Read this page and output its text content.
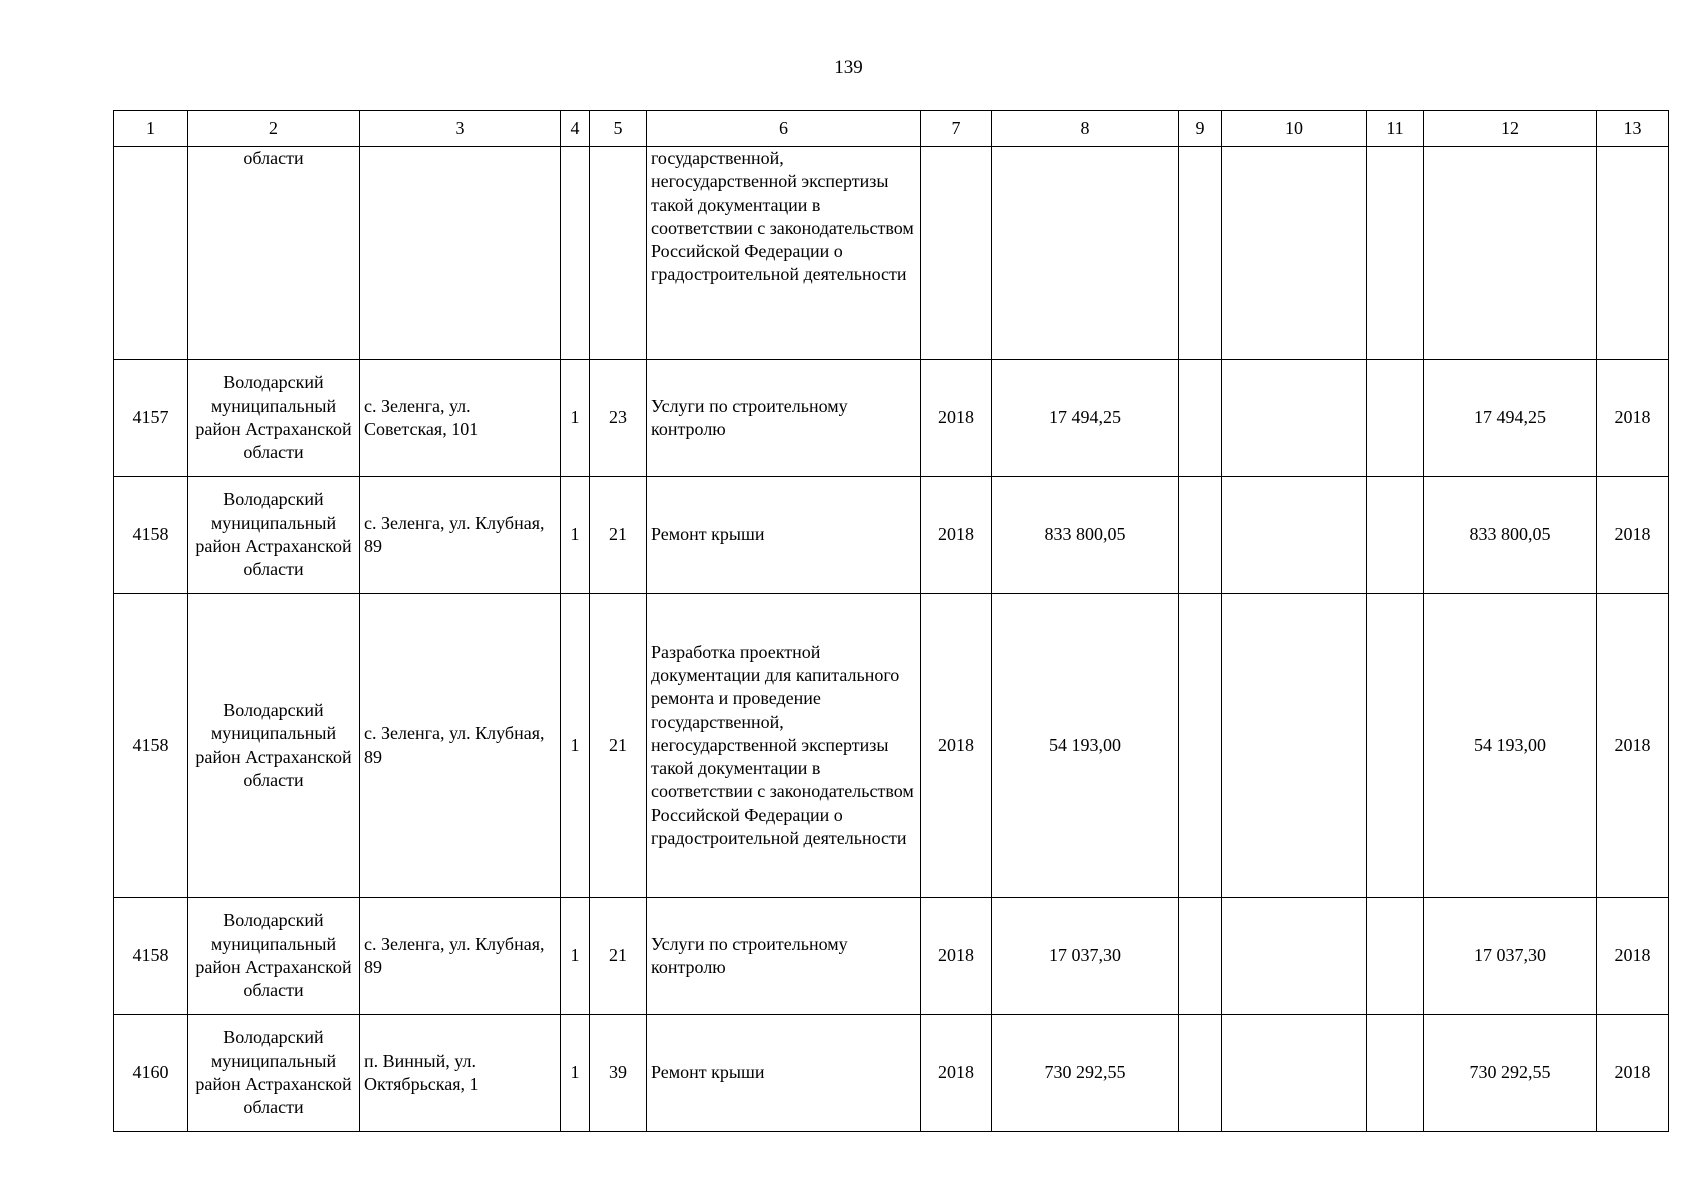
139
1	2	3	4	5	6	7	8	9	10	11	12	13
	области				государственной, негосударственной экспертизы такой документации в соответствии с законодательством Российской Федерации о градостроительной деятельности							
4157	Володарский муниципальный район Астраханской области	с. Зеленга, ул. Советская, 101	1	23	Услуги по строительному контролю	2018	17 494,25				17 494,25	2018
4158	Володарский муниципальный район Астраханской области	с. Зеленга, ул. Клубная, 89	1	21	Ремонт крыши	2018	833 800,05				833 800,05	2018
4158	Володарский муниципальный район Астраханской области	с. Зеленга, ул. Клубная, 89	1	21	Разработка проектной документации для капитального ремонта и проведение государственной, негосударственной экспертизы такой документации в соответствии с законодательством Российской Федерации о градостроительной деятельности	2018	54 193,00				54 193,00	2018
4158	Володарский муниципальный район Астраханской области	с. Зеленга, ул. Клубная, 89	1	21	Услуги по строительному контролю	2018	17 037,30				17 037,30	2018
4160	Володарский муниципальный район Астраханской области	п. Винный, ул. Октябрьская, 1	1	39	Ремонт крыши	2018	730 292,55				730 292,55	2018
